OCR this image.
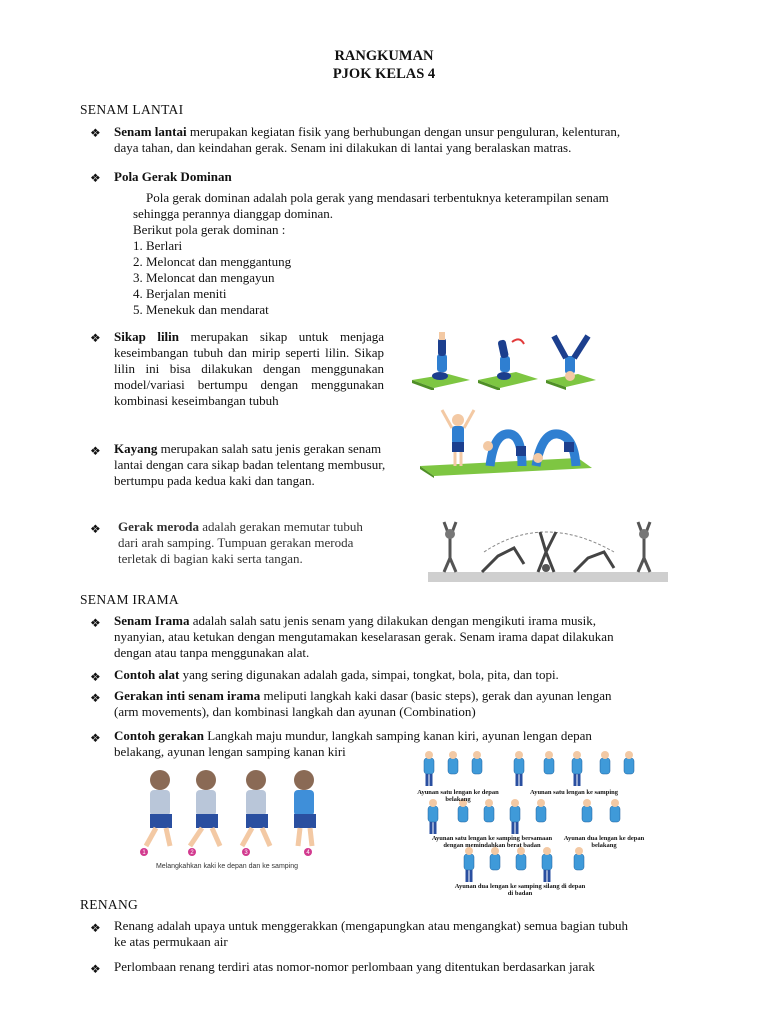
RANGKUMAN
PJOK KELAS 4
SENAM LANTAI
❖ Senam lantai merupakan kegiatan fisik yang berhubungan dengan unsur penguluran, kelenturan,
daya tahan, dan keindahan gerak. Senam ini dilakukan di lantai yang beralaskan matras.
❖ Pola Gerak Dominan
Pola gerak dominan adalah pola gerak yang mendasari terbentuknya keterampilan senam
sehingga perannya dianggap dominan.
Berikut pola gerak dominan :
1. Berlari
2. Meloncat dan menggantung
3. Meloncat dan mengayun
4. Berjalan meniti
5. Menekuk dan mendarat
❖ Sikap lilin merupakan sikap untuk menjaga keseimbangan tubuh dan mirip seperti lilin. Sikap lilin ini bisa dilakukan dengan menggunakan model/variasi bertumpu dengan menggunakan kombinasi keseimbangan tubuh
❖ Kayang merupakan salah satu jenis gerakan senam lantai dengan cara sikap badan telentang membusur, bertumpu pada kedua kaki dan tangan.
❖ Gerak meroda adalah gerakan memutar tubuh dari arah samping. Tumpuan gerakan meroda terletak di bagian kaki serta tangan.
SENAM IRAMA
❖ Senam Irama adalah salah satu jenis senam yang dilakukan dengan mengikuti irama musik,
nyanyian, atau ketukan dengan mengutamakan keselarasan gerak. Senam irama dapat dilakukan
dengan atau tanpa menggunakan alat.
❖ Contoh alat yang sering digunakan adalah gada, simpai, tongkat, bola, pita, dan topi.
❖ Gerakan inti senam irama meliputi langkah kaki dasar (basic steps), gerak dan ayunan lengan
(arm movements), dan kombinasi langkah dan ayunan (Combination)
❖ Contoh gerakan Langkah maju mundur, langkah samping kanan kiri, ayunan lengan depan
belakang, ayunan lengan samping kanan kiri
1	2	3	4
Melangkahkan kaki ke depan dan ke samping
Ayunan satu lengan ke depan
belakang
Ayunan satu lengan ke samping
Ayunan satu lengan ke samping bersamaan
dengan memindahkan berat badan
Ayunan dua lengan ke depan
belakang
Ayunan dua lengan ke samping silang di depan
di badan
RENANG
❖ Renang adalah upaya untuk menggerakkan (mengapungkan atau mengangkat) semua bagian tubuh
ke atas permukaan air
❖ Perlombaan renang terdiri atas nomor-nomor perlombaan yang ditentukan berdasarkan jarak
